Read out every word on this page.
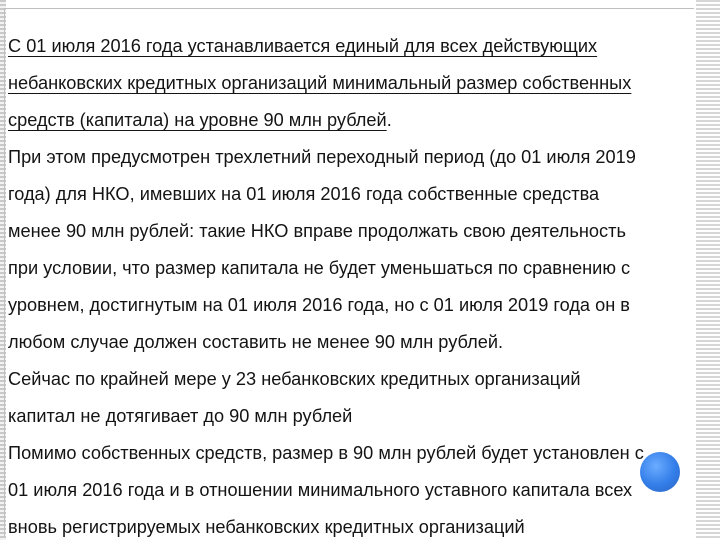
С 01 июля 2016 года устанавливается единый для всех действующих
небанковских кредитных организаций минимальный размер собственных
средств (капитала) на уровне 90 млн рублей.
При этом предусмотрен трехлетний переходный период (до 01 июля 2019
года) для НКО, имевших на 01 июля 2016 года собственные средства
менее 90 млн рублей: такие НКО вправе продолжать свою деятельность
при условии, что размер капитала не будет уменьшаться по сравнению с
уровнем, достигнутым на 01 июля 2016 года, но с 01 июля 2019 года он в
любом случае должен составить не менее 90 млн рублей.
Сейчас по крайней мере у 23 небанковских кредитных организаций
капитал не дотягивает до 90 млн рублей
Помимо собственных средств, размер в 90 млн рублей будет установлен с
01 июля 2016 года и в отношении минимального уставного капитала всех
вновь регистрируемых небанковских кредитных организаций
